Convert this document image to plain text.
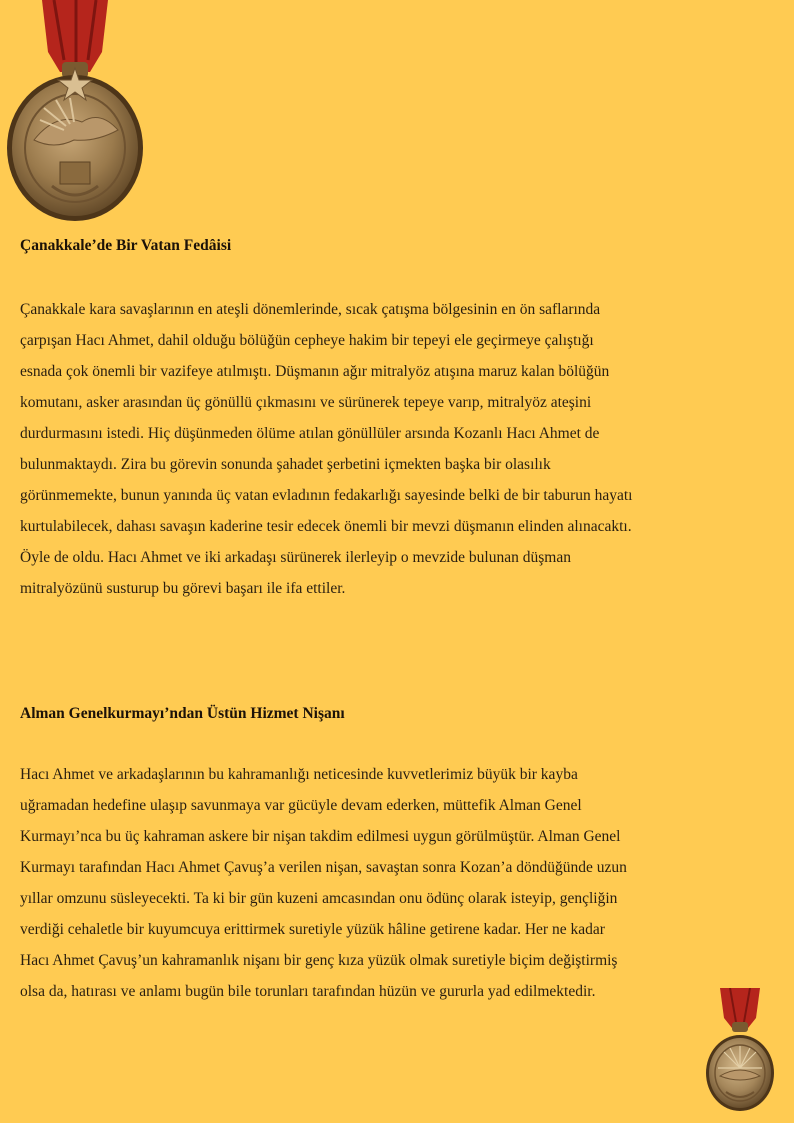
Çanakkale’de Bir Vatan Fedâisi

Çanakkale kara savaşlarının en ateşli dönemlerinde, sıcak çatışma bölgesinin en ön saflarında
çarpışan Hacı Ahmet, dahil olduğu bölüğün cepheye hakim bir tepeyi ele geçirmeye çalıştığı
esnada çok önemli bir vazifeye atılmıştı. Düşmanın ağır mitralyöz atışına maruz kalan bölüğün
komutanı, asker arasından üç gönüllü çıkmasını ve sürünerek tepeye varıp, mitralyöz ateşini
durdurmasını istedi. Hiç düşünmeden ölüme atılan gönüllüler arsında Kozanlı Hacı Ahmet de
bulunmaktaydı. Zira bu görevin sonunda şahadet şerbetini içmekten başka bir olasılık
görünmemekte, bunun yanında üç vatan evladının fedakarlığı sayesinde belki de bir taburun hayatı
kurtulabilecek, dahası savaşın kaderine tesir edecek önemli bir mevzi düşmanın elinden alınacaktı.
Öyle de oldu. Hacı Ahmet ve iki arkadaşı sürünerek ilerleyip o mevzide bulunan düşman
mitralyözünü susturup bu görevi başarı ile ifa ettiler.

Alman Genelkurmayı’ndan Üstün Hizmet Nişanı

Hacı Ahmet ve arkadaşlarının bu kahramanlığı neticesinde kuvvetlerimiz büyük bir kayba
uğramadan hedefine ulaşıp savunmaya var gücüyle devam ederken, müttefik Alman Genel
Kurmayı’nca bu üç kahraman askere bir nişan takdim edilmesi uygun görülmüştür. Alman Genel
Kurmayı tarafından Hacı Ahmet Çavuş’a verilen nişan, savaştan sonra Kozan’a döndüğünde uzun
yıllar omzunu süsleyecekti. Ta ki bir gün kuzeni amcasından onu ödünç olarak isteyip, gençliğin
verdiği cehaletle bir kuyumcuya erittirmek suretiyle yüzük hâline getirene kadar. Her ne kadar
Hacı Ahmet Çavuş’un kahramanlık nişanı bir genç kıza yüzük olmak suretiyle biçim değiştirmiş
olsa da, hatırası ve anlamı bugün bile torunları tarafından hüzün ve gururla yad edilmektedir.
